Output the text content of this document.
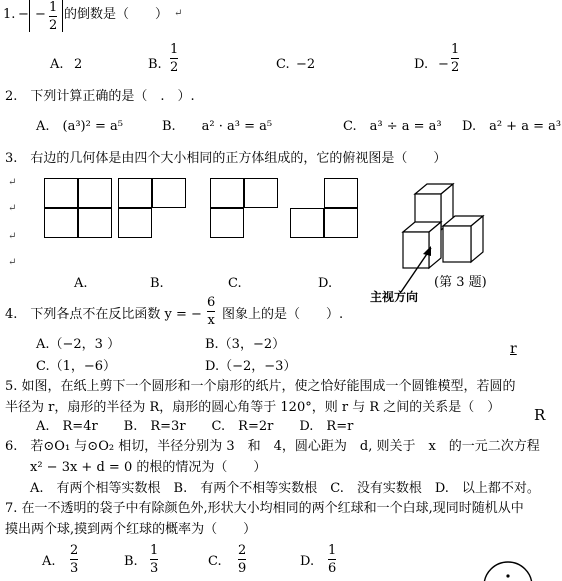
1. − − 1
2
的倒数是（　　） ↵
A. 2	B.
1
2	C. −2	D. −
1
2
2.　下列计算正确的是（　.　）.
A.　(a³)² = a⁵	B.　　a² · a³ = a⁵	C.　a³ ÷ a = a³ D.　a² + a = a³
3.　右边的几何体是由四个大小相同的正方体组成的，它的俯视图是（　　）
↵
↵
↵
↵
A.	B.	C.	D.	(第 3 题)
主视方向
4.　下列各点不在反比函数 y = −
6
x 图象上的是（　　）.
A.（−2，3 ）	B.（3，−2）
C.（1，−6）	D.（−2，−3）
r
5. 如图，在纸上剪下一个圆形和一个扇形的纸片，使之恰好能围成一个圆锥模型，若圆的
半径为 r，扇形的半径为 R，扇形的圆心角等于 120°，则 r 与 R 之间的关系是（　） R
A.　R=4r　　B.　R=3r　　C.　R=2r　　D.　R=r
6.　若⊙O₁ 与⊙O₂ 相切，半径分别为 3　和　4，圆心距为　d, 则关于　x　的一元二次方程
x² − 3x + d = 0 的根的情况为（　　）
A.　有两个相等实数根　B.　有两个不相等实数根　C.　没有实数根　D.　以上都不对。
7. 在一不透明的袋子中有除颜色外,形状大小均相同的两个红球和一个白球,现同时随机从中
摸出两个球,摸到两个红球的概率为（　　）
A.
2
3	B.
1
3	C.
2
9	D.
1
6
